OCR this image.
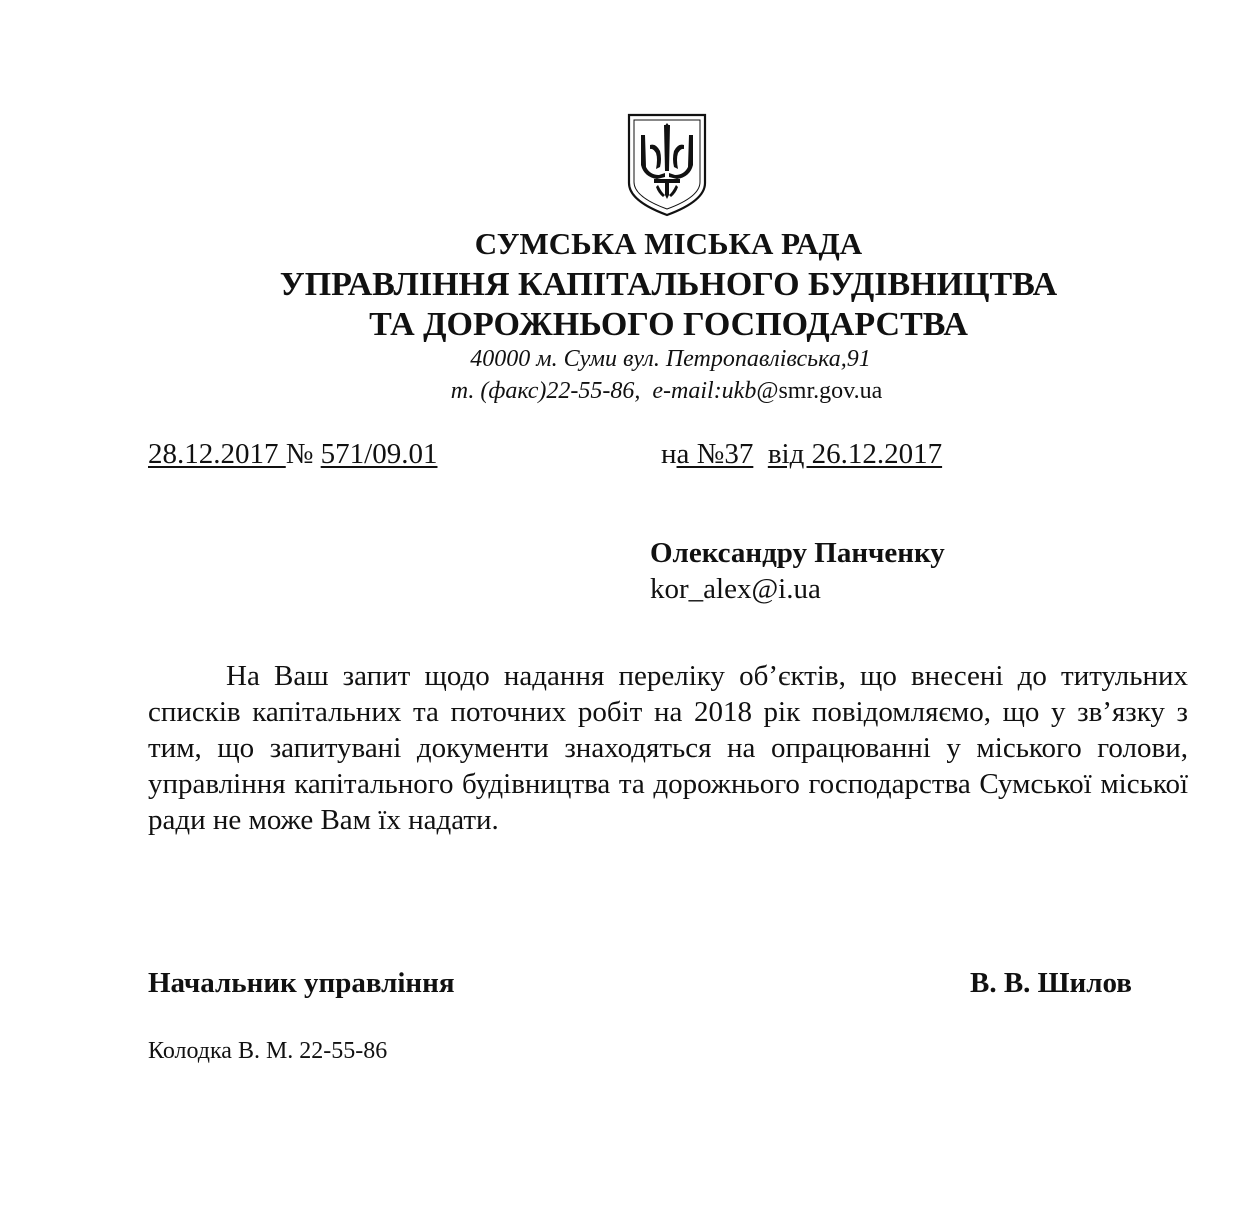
СУМСЬКА МІСЬКА РАДА
УПРАВЛІННЯ КАПІТАЛЬНОГО БУДІВНИЦТВА
ТА ДОРОЖНЬОГО ГОСПОДАРСТВА
40000 м. Суми вул. Петропавлівська,91
т. (факс)22-55-86, e-mail:ukb@smr.gov.ua
28.12.2017 № 571/09.01	на №37 від 26.12.2017
Олександру Панченку
kor_alex@i.ua

На Ваш запит щодо надання переліку об’єктів, що внесені до титульних списків капітальних та поточних робіт на 2018 рік повідомляємо, що у зв’язку з тим, що запитувані документи знаходяться на опрацюванні у міського голови, управління капітального будівництва та дорожнього господарства Сумської міської ради не може Вам їх надати.

Начальник управління	В. В. Шилов
Колодка В. М. 22-55-86
